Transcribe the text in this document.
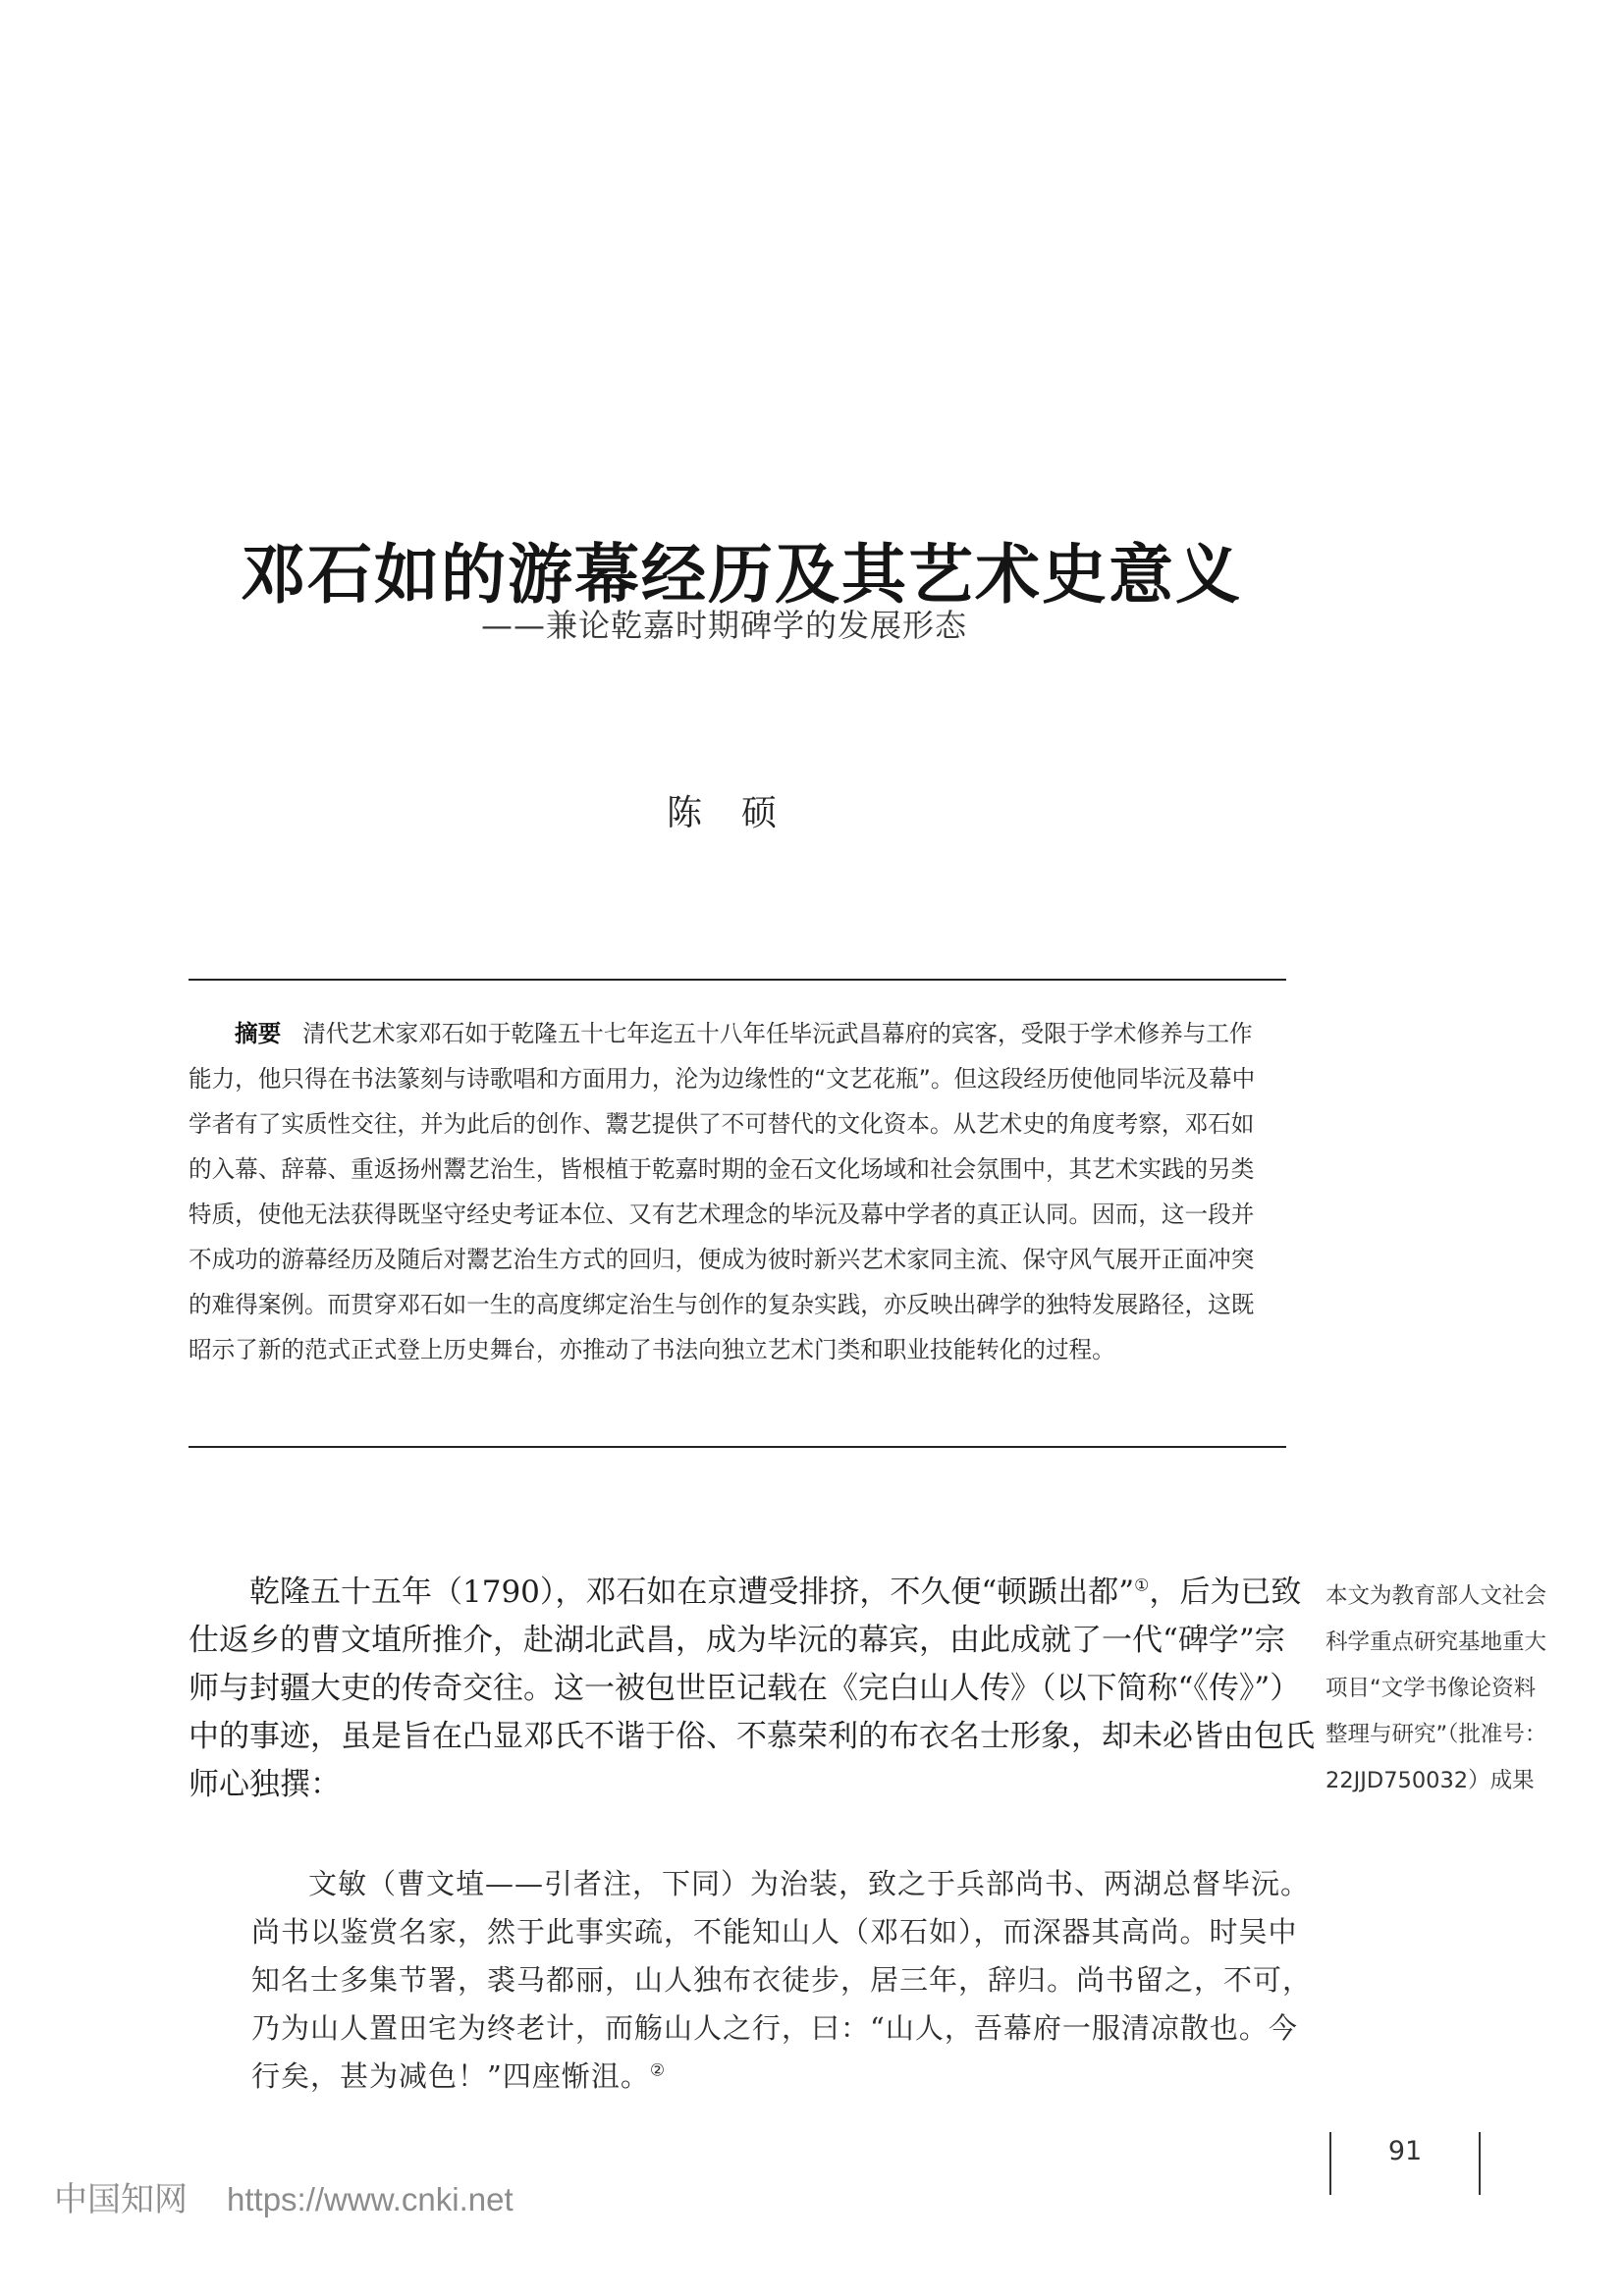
邓石如的游幕经历及其艺术史意义
——兼论乾嘉时期碑学的发展形态
陈硕
摘要 清代艺术家邓石如于乾隆五十七年迄五十八年任毕沅武昌幕府的宾客，受限于学术修养与工作
能力，他只得在书法篆刻与诗歌唱和方面用力，沦为边缘性的“文艺花瓶”。但这段经历使他同毕沅及幕中
学者有了实质性交往，并为此后的创作、鬻艺提供了不可替代的文化资本。从艺术史的角度考察，邓石如
的入幕、辞幕、重返扬州鬻艺治生，皆根植于乾嘉时期的金石文化场域和社会氛围中，其艺术实践的另类
特质，使他无法获得既坚守经史考证本位、又有艺术理念的毕沅及幕中学者的真正认同。因而，这一段并
不成功的游幕经历及随后对鬻艺治生方式的回归，便成为彼时新兴艺术家同主流、保守风气展开正面冲突
的难得案例。而贯穿邓石如一生的高度绑定治生与创作的复杂实践，亦反映出碑学的独特发展路径，这既
昭示了新的范式正式登上历史舞台，亦推动了书法向独立艺术门类和职业技能转化的过程。
乾隆五十五年（1790），邓石如在京遭受排挤，不久便“顿踬出都”①，后为已致
仕返乡的曹文埴所推介，赴湖北武昌，成为毕沅的幕宾，由此成就了一代“碑学”宗
师与封疆大吏的传奇交往。这一被包世臣记载在《完白山人传》（以下简称“《传》”）
中的事迹，虽是旨在凸显邓氏不谐于俗、不慕荣利的布衣名士形象，却未必皆由包氏
师心独撰：
文敏（曹文埴——引者注，下同）为治装，致之于兵部尚书、两湖总督毕沅。
尚书以鉴赏名家，然于此事实疏，不能知山人（邓石如），而深器其高尚。时吴中
知名士多集节署，裘马都丽，山人独布衣徒步，居三年，辞归。尚书留之，不可，
乃为山人置田宅为终老计，而觞山人之行，曰：“山人，吾幕府一服清凉散也。今
行矣，甚为减色！”四座惭沮。②
本文为教育部人文社会
科学重点研究基地重大
项目“文学书像论资料
整理与研究”（批准号：
22JJD750032）成果
91
中国知网 https://www.cnki.net
